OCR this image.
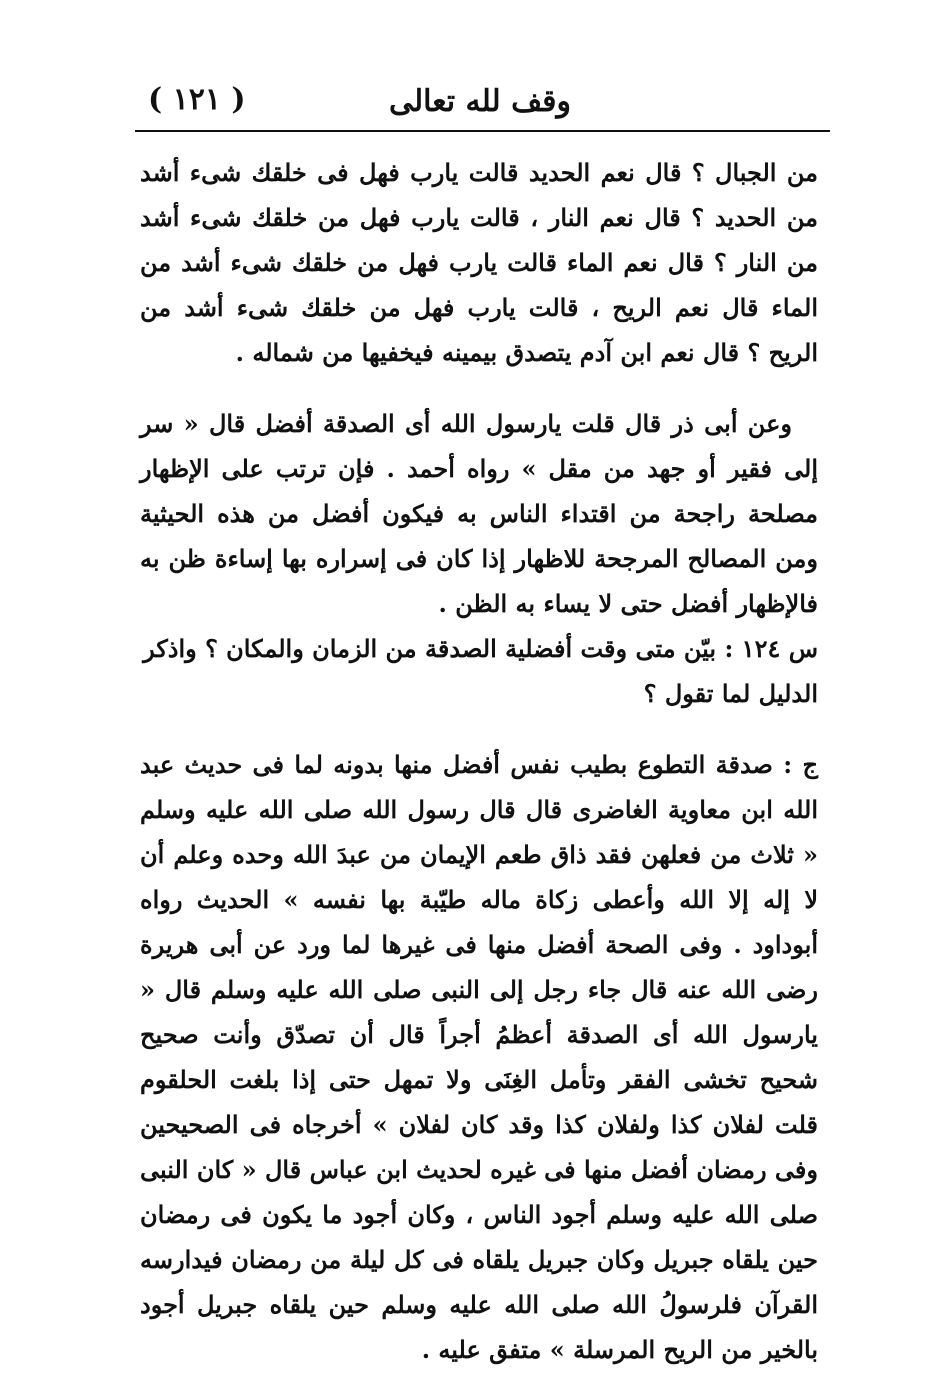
وقف لله تعالى
( ١٢١ )

من الجبال ؟ قال نعم الحديد قالت يارب فهل فى خلقك شىء أشد من الحديد ؟ قال نعم النار ، قالت يارب فهل من خلقك شىء أشد من النار ؟ قال نعم الماء قالت يارب فهل من خلقك شىء أشد من الماء قال نعم الريح ، قالت يارب فهل من خلقك شىء أشد من الريح ؟ قال نعم ابن آدم يتصدق بيمينه فيخفيها من شماله .

وعن أبى ذر قال قلت يارسول الله أى الصدقة أفضل قال « سر إلى فقير أو جهد من مقل » رواه أحمد . فإن ترتب على الإظهار مصلحة راجحة من اقتداء الناس به فيكون أفضل من هذه الحيثية ومن المصالح المرجحة للاظهار إذا كان فى إسراره بها إساءة ظن به فالإظهار أفضل حتى لا يساء به الظن .

س ١٢٤ : بيّن متى وقت أفضلية الصدقة من الزمان والمكان ؟ واذكر الدليل لما تقول ؟

ج : صدقة التطوع بطيب نفس أفضل منها بدونه لما فى حديث عبد الله ابن معاوية الغاضرى قال قال رسول الله صلى الله عليه وسلم « ثلاث من فعلهن فقد ذاق طعم الإيمان من عبدَ الله وحده وعلم أن لا إله إلا الله وأعطى زكاة ماله طيّبة بها نفسه » الحديث رواه أبوداود . وفى الصحة أفضل منها فى غيرها لما ورد عن أبى هريرة رضى الله عنه قال جاء رجل إلى النبى صلى الله عليه وسلم قال « يارسول الله أى الصدقة أعظمُ أجراً قال أن تصدّق وأنت صحيح شحيح تخشى الفقر وتأمل الغِنَى ولا تمهل حتى إذا بلغت الحلقوم قلت لفلان كذا ولفلان كذا وقد كان لفلان » أخرجاه فى الصحيحين وفى رمضان أفضل منها فى غيره لحديث ابن عباس قال « كان النبى صلى الله عليه وسلم أجود الناس ، وكان أجود ما يكون فى رمضان حين يلقاه جبريل وكان جبريل يلقاه فى كل ليلة من رمضان فيدارسه القرآن فلرسولُ الله صلى الله عليه وسلم حين يلقاه جبريل أجود بالخير من الريح المرسلة » متفق عليه .
